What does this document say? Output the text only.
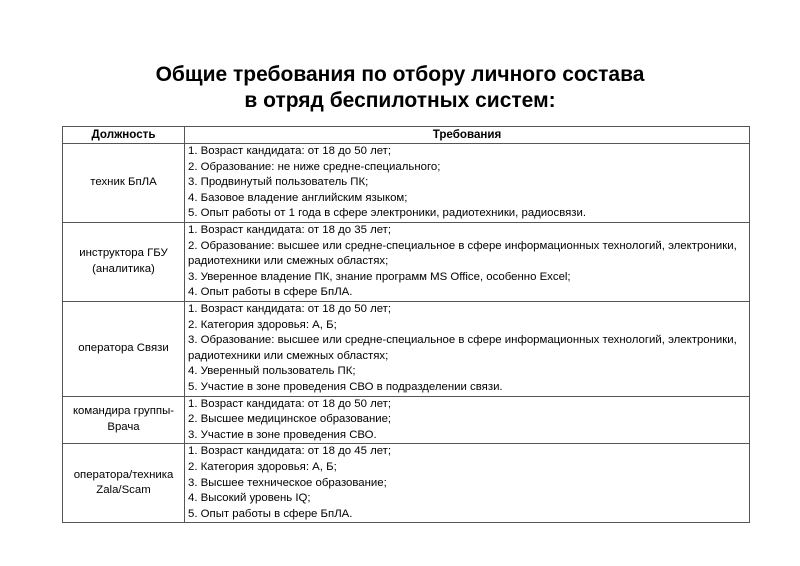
Общие требования по отбору личного состава
в отряд беспилотных систем:
Должность	Требования
техник БпЛА	1. Возраст кандидата: от 18 до 50 лет;
2. Образование: не ниже средне-специального;
3. Продвинутый пользователь ПК;
4. Базовое владение английским языком;
5. Опыт работы от 1 года в сфере электроники, радиотехники, радиосвязи.

инструктора ГБУ (аналитика)	1. Возраст кандидата: от 18 до 35 лет;
2. Образование: высшее или средне-специальное в сфере информационных технологий, электроники, радиотехники или смежных областях;
3. Уверенное владение ПК, знание программ MS Office, особенно Excel;
4. Опыт работы в сфере БпЛА.

оператора Связи	1. Возраст кандидата: от 18 до 50 лет;
2. Категория здоровья: А, Б;
3. Образование: высшее или средне-специальное в сфере информационных технологий, электроники, радиотехники или смежных областях;
4. Уверенный пользователь ПК;
5. Участие в зоне проведения СВО в подразделении связи.

командира группы-Врача	1. Возраст кандидата: от 18 до 50 лет;
2. Высшее медицинское образование;
3. Участие в зоне проведения СВО.

оператора/техника Zala/Scam	1. Возраст кандидата: от 18 до 45 лет;
2. Категория здоровья: А, Б;
3. Высшее техническое образование;
4. Высокий уровень IQ;
5. Опыт работы в сфере БпЛА.
